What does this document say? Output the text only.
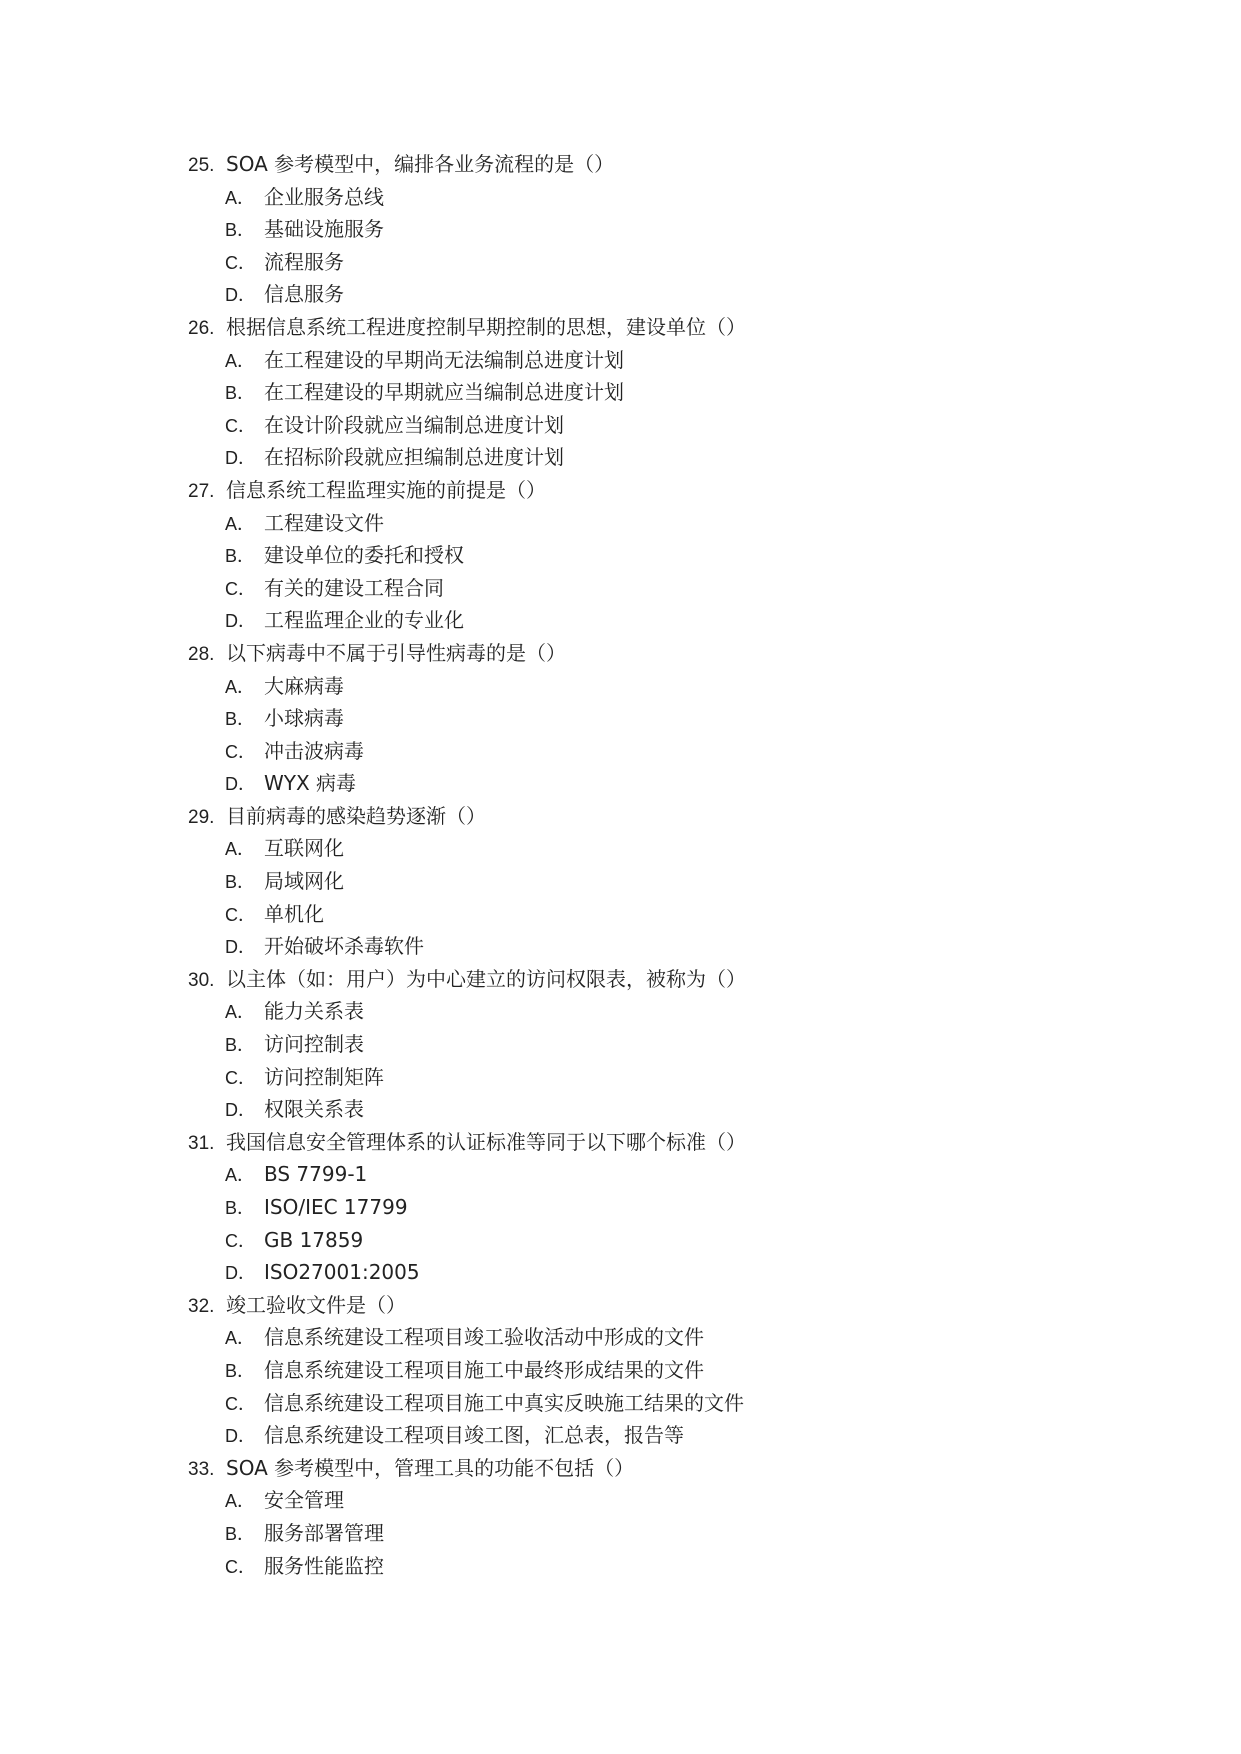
25. SOA 参考模型中，编排各业务流程的是（）
A． 企业服务总线
B． 基础设施服务
C． 流程服务
D． 信息服务
26. 根据信息系统工程进度控制早期控制的思想，建设单位（）
A． 在工程建设的早期尚无法编制总进度计划
B． 在工程建设的早期就应当编制总进度计划
C． 在设计阶段就应当编制总进度计划
D． 在招标阶段就应担编制总进度计划
27. 信息系统工程监理实施的前提是（）
A． 工程建设文件
B． 建设单位的委托和授权
C． 有关的建设工程合同
D． 工程监理企业的专业化
28. 以下病毒中不属于引导性病毒的是（）
A． 大麻病毒
B． 小球病毒
C． 冲击波病毒
D． WYX 病毒
29. 目前病毒的感染趋势逐渐（）
A． 互联网化
B． 局域网化
C． 单机化
D． 开始破坏杀毒软件
30. 以主体（如：用户）为中心建立的访问权限表，被称为（）
A． 能力关系表
B． 访问控制表
C． 访问控制矩阵
D． 权限关系表
31. 我国信息安全管理体系的认证标准等同于以下哪个标准（）
A． BS 7799-1
B． ISO/IEC 17799
C． GB 17859
D． ISO27001:2005
32. 竣工验收文件是（）
A． 信息系统建设工程项目竣工验收活动中形成的文件
B． 信息系统建设工程项目施工中最终形成结果的文件
C． 信息系统建设工程项目施工中真实反映施工结果的文件
D． 信息系统建设工程项目竣工图，汇总表，报告等
33. SOA 参考模型中，管理工具的功能不包括（）
A． 安全管理
B． 服务部署管理
C． 服务性能监控
